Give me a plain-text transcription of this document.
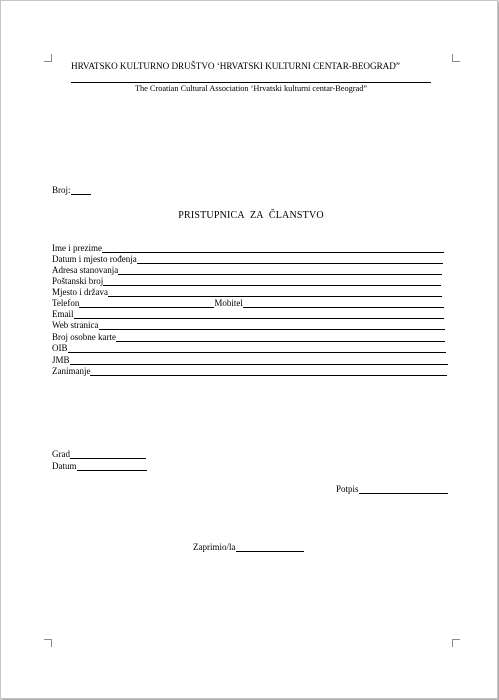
HRVATSKO KULTURNO DRUŠTVO ‘HRVATSKI KULTURNI CENTAR-BEOGRAD”
The Croatian Cultural Association ‘Hrvatski kulturni centar-Beograd”
Broj:
PRISTUPNICA ZA ČLANSTVO
Ime i prezime
Datum i mjesto rođenja
Adresa stanovanja
Poštanski broj
Mjesto i država
Telefon	Mobitel
Email
Web stranica
Broj osobne karte
OIB
JMB
Zanimanje
Grad
Datum
Potpis
Zaprimio/la
